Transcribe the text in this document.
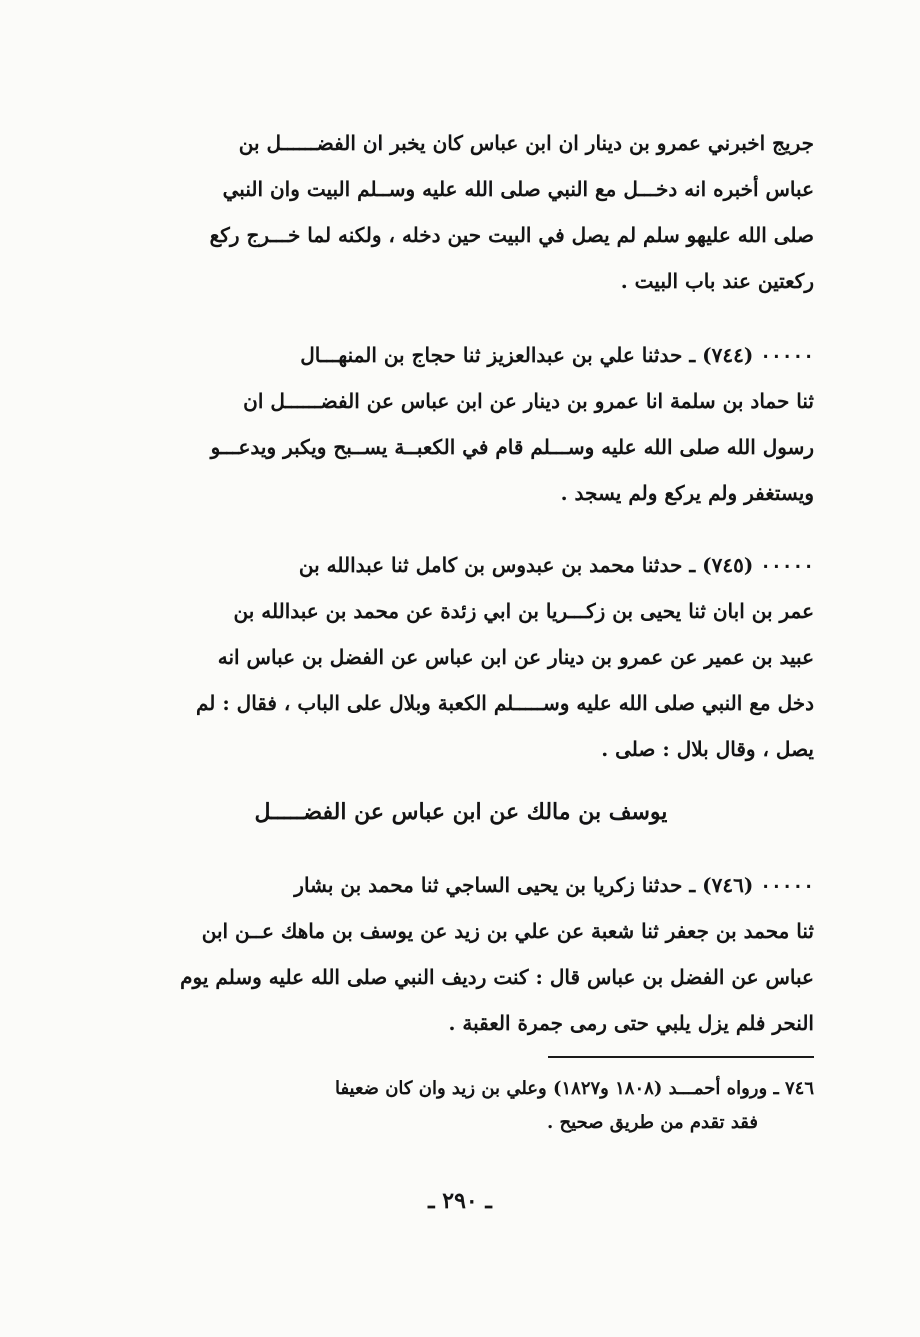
جريج اخبرني عمرو بن دينار ان ابن عباس كان يخبر ان الفضــــــل بن
عباس أخبره انه دخـــل مع النبي صلى الله عليه وســلم البيت وان النبي
صلى الله عليهو سلم لم يصل في البيت حين دخله ، ولكنه لما خـــرج ركع
ركعتين عند باب البيت .
٠٠٠٠٠ (٧٤٤) ـ حدثنا علي بن عبدالعزيز ثنا حجاج بن المنهـــال
ثنا حماد بن سلمة انا عمرو بن دينار عن ابن عباس عن الفضــــــل ان
رسول الله صلى الله عليه وســـلم قام في الكعبــة يســبح ويكبر ويدعـــو
ويستغفر ولم يركع ولم يسجد .
٠٠٠٠٠ (٧٤٥) ـ حدثنا محمد بن عبدوس بن كامل ثنا عبدالله بن
عمر بن ابان ثنا يحيى بن زكـــريا بن ابي زئدة عن محمد بن عبدالله بن
عبيد بن عمير عن عمرو بن دينار عن ابن عباس عن الفضل بن عباس انه
دخل مع النبي صلى الله عليه وســـــلم الكعبة وبلال على الباب ، فقال : لم
يصل ، وقال بلال : صلى .
يوسف بن مالك عن ابن عباس عن الفضـــــل
٠٠٠٠٠ (٧٤٦) ـ حدثنا زكريا بن يحيى الساجي ثنا محمد بن بشار
ثنا محمد بن جعفر ثنا شعبة عن علي بن زيد عن يوسف بن ماهك عــن ابن
عباس عن الفضل بن عباس قال : كنت رديف النبي صلى الله عليه وسلم يوم
النحر فلم يزل يلبي حتى رمى جمرة العقبة .
٧٤٦ ـ ورواه أحمـــد (١٨٠٨ و١٨٢٧) وعلي بن زيد وان كان ضعيفا
فقد تقدم من طريق صحيح .
ـ ٢٩٠ ـ
